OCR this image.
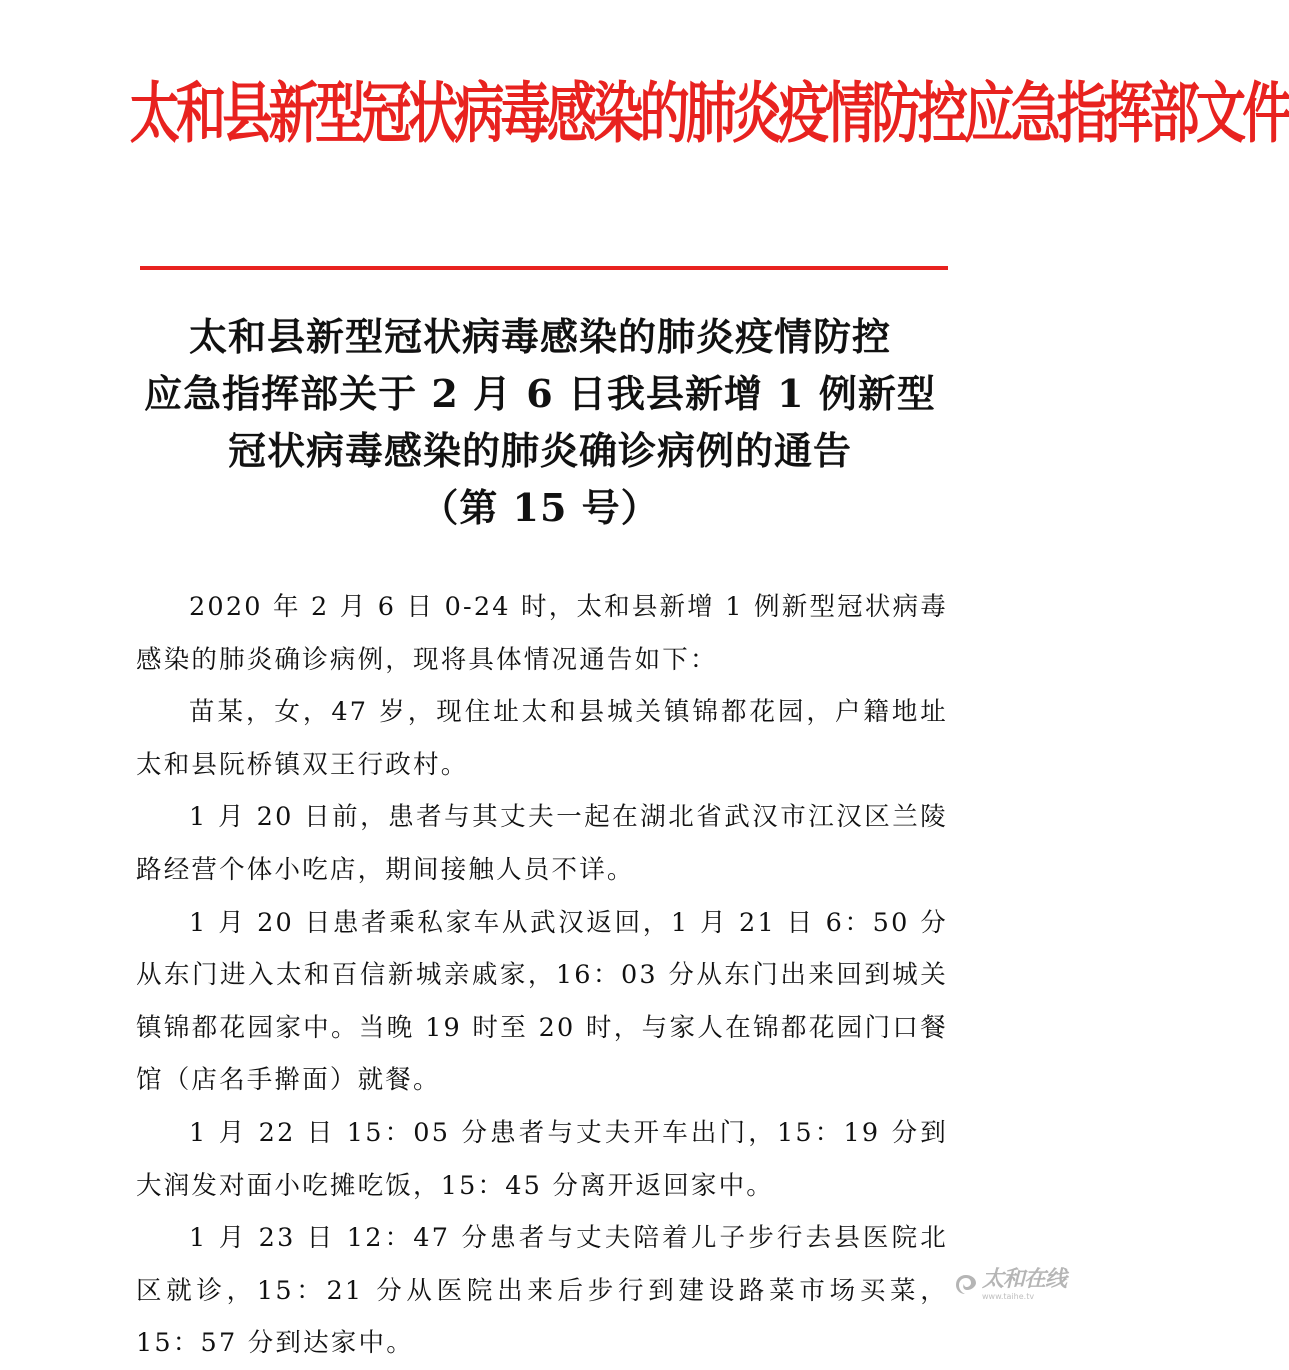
太和县新型冠状病毒感染的肺炎疫情防控应急指挥部文件
太和县新型冠状病毒感染的肺炎疫情防控
应急指挥部关于 2 月 6 日我县新增 1 例新型
冠状病毒感染的肺炎确诊病例的通告
（第 15 号）

2020 年 2 月 6 日 0-24 时，太和县新增 1 例新型冠状病毒感染的肺炎确诊病例，现将具体情况通告如下：

苗某，女，47 岁，现住址太和县城关镇锦都花园，户籍地址太和县阮桥镇双王行政村。

1 月 20 日前，患者与其丈夫一起在湖北省武汉市江汉区兰陵路经营个体小吃店，期间接触人员不详。

1 月 20 日患者乘私家车从武汉返回，1 月 21 日 6：50 分从东门进入太和百信新城亲戚家，16：03 分从东门出来回到城关镇锦都花园家中。当晚 19 时至 20 时，与家人在锦都花园门口餐馆（店名手擀面）就餐。

1 月 22 日 15：05 分患者与丈夫开车出门，15：19 分到大润发对面小吃摊吃饭，15：45 分离开返回家中。

1 月 23 日 12：47 分患者与丈夫陪着儿子步行去县医院北区就诊，15：21 分从医院出来后步行到建设路菜市场买菜，15：57 分到达家中。

太和在线
www.taihe.tv
